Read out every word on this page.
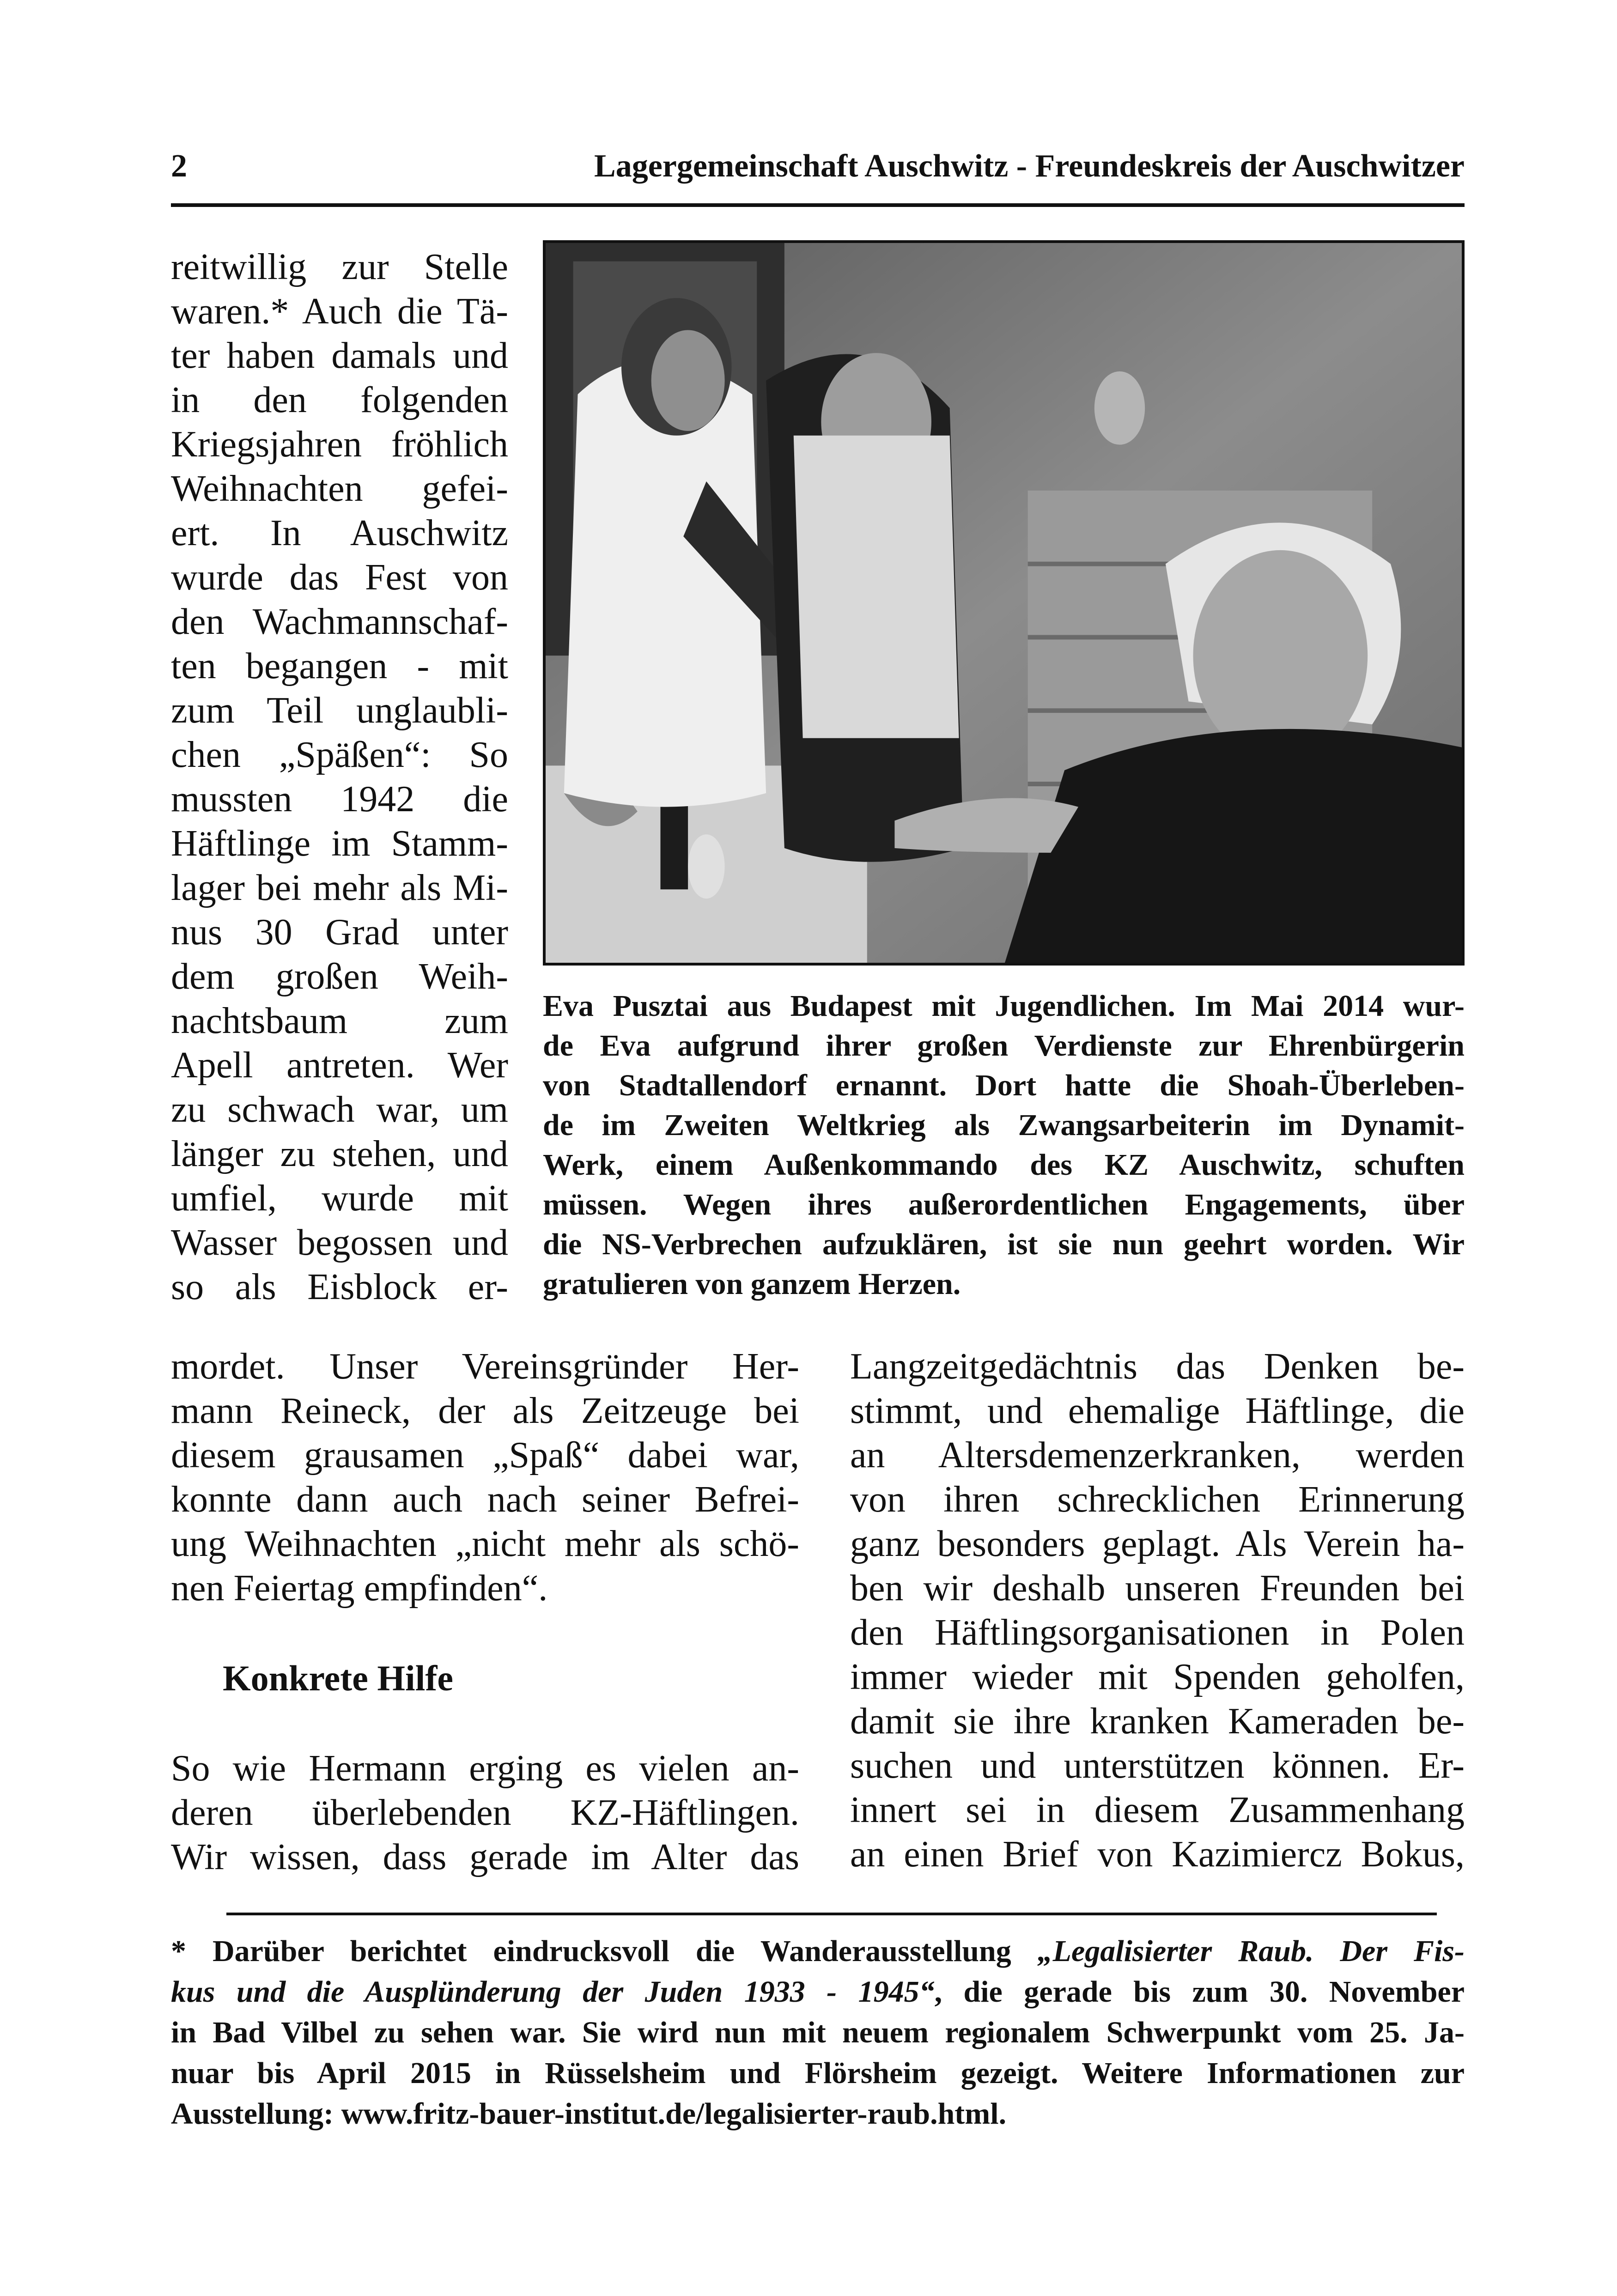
2	Lagergemeinschaft Auschwitz - Freundeskreis der Auschwitzer
reitwillig zur Stelle
waren.* Auch die Tä-
ter haben damals und
in den folgenden
Kriegsjahren fröhlich
Weihnachten gefei-
ert. In Auschwitz
wurde das Fest von
den Wachmannschaf-
ten begangen - mit
zum Teil unglaubli-
chen „Späßen“: So
mussten 1942 die
Häftlinge im Stamm-
lager bei mehr als Mi-
nus 30 Grad unter
dem großen Weih-
nachtsbaum zum
Apell antreten. Wer
zu schwach war, um
länger zu stehen, und
umfiel, wurde mit
Wasser begossen und
so als Eisblock er-
Eva Pusztai aus Budapest mit Jugendlichen. Im Mai 2014 wur-
de Eva aufgrund ihrer großen Verdienste zur Ehrenbürgerin
von Stadtallendorf ernannt. Dort hatte die Shoah-Überleben-
de im Zweiten Weltkrieg als Zwangsarbeiterin im Dynamit-
Werk, einem Außenkommando des KZ Auschwitz, schuften
müssen. Wegen ihres außerordentlichen Engagements, über
die NS-Verbrechen aufzuklären, ist sie nun geehrt worden. Wir
gratulieren von ganzem Herzen.
mordet. Unser Vereinsgründer Her-
mann Reineck, der als Zeitzeuge bei
diesem grausamen „Spaß“ dabei war,
konnte dann auch nach seiner Befrei-
ung Weihnachten „nicht mehr als schö-
nen Feiertag empfinden“.
Konkrete Hilfe
So wie Hermann erging es vielen an-
deren überlebenden KZ-Häftlingen.
Wir wissen, dass gerade im Alter das
Langzeitgedächtnis das Denken be-
stimmt, und ehemalige Häftlinge, die
an Altersdemenzerkranken, werden
von ihren schrecklichen Erinnerung
ganz besonders geplagt. Als Verein ha-
ben wir deshalb unseren Freunden bei
den Häftlingsorganisationen in Polen
immer wieder mit Spenden geholfen,
damit sie ihre kranken Kameraden be-
suchen und unterstützen können. Er-
innert sei in diesem Zusammenhang
an einen Brief von Kazimiercz Bokus,
* Darüber berichtet eindrucksvoll die Wanderausstellung „Legalisierter Raub. Der Fis-
kus und die Ausplünderung der Juden 1933 - 1945“, die gerade bis zum 30. November
in Bad Vilbel zu sehen war. Sie wird nun mit neuem regionalem Schwerpunkt vom 25. Ja-
nuar bis April 2015 in Rüsselsheim und Flörsheim gezeigt. Weitere Informationen zur
Ausstellung: www.fritz-bauer-institut.de/legalisierter-raub.html.
